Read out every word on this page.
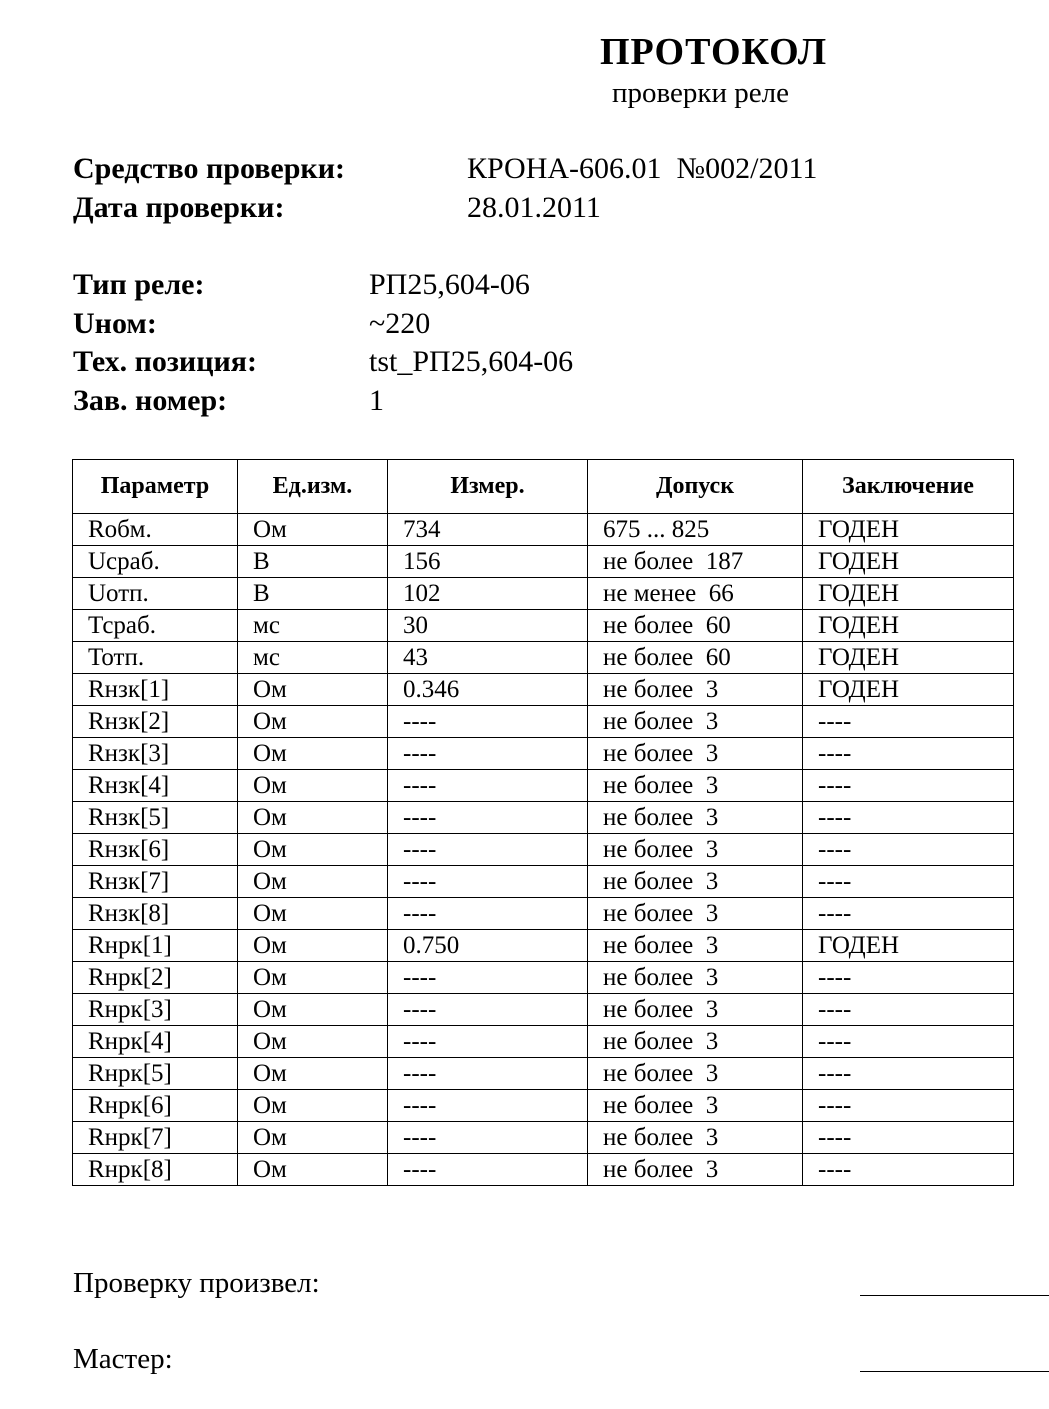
ПРОТОКОЛ
проверки реле
Средство проверки:	КРОНА-606.01  №002/2011
Дата проверки:	28.01.2011
Тип реле:	РП25,604-06
Uном:	~220
Тех. позиция:	tst_РП25,604-06
Зав. номер:	1
Параметр	Ед.изм.	Измер.	Допуск	Заключение
Rобм.	Ом	734	675 ... 825	ГОДЕН
Uсраб.	В	156	не более  187	ГОДЕН
Uотп.	В	102	не менее  66	ГОДЕН
Тсраб.	мс	30	не более  60	ГОДЕН
Тотп.	мс	43	не более  60	ГОДЕН
Rнзк[1]	Ом	0.346	не более  3	ГОДЕН
Rнзк[2]	Ом	----	не более  3	----
Rнзк[3]	Ом	----	не более  3	----
Rнзк[4]	Ом	----	не более  3	----
Rнзк[5]	Ом	----	не более  3	----
Rнзк[6]	Ом	----	не более  3	----
Rнзк[7]	Ом	----	не более  3	----
Rнзк[8]	Ом	----	не более  3	----
Rнрк[1]	Ом	0.750	не более  3	ГОДЕН
Rнрк[2]	Ом	----	не более  3	----
Rнрк[3]	Ом	----	не более  3	----
Rнрк[4]	Ом	----	не более  3	----
Rнрк[5]	Ом	----	не более  3	----
Rнрк[6]	Ом	----	не более  3	----
Rнрк[7]	Ом	----	не более  3	----
Rнрк[8]	Ом	----	не более  3	----
Проверку произвел:
Мастер:
